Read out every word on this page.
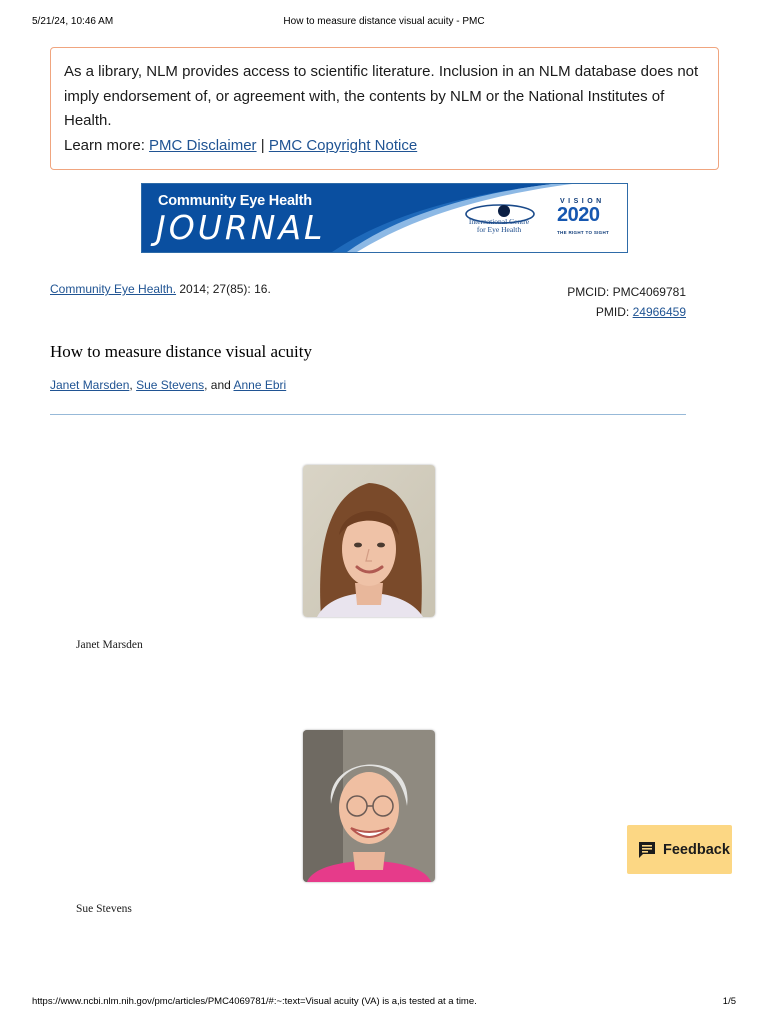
5/21/24, 10:46 AM	How to measure distance visual acuity - PMC
As a library, NLM provides access to scientific literature. Inclusion in an NLM database does not imply endorsement of, or agreement with, the contents by NLM or the National Institutes of Health.
Learn more: PMC Disclaimer | PMC Copyright Notice
Community Eye Health
JOURNAL	International Centre
for Eye Health
VISION
2020
THE RIGHT TO SIGHT
Community Eye Health. 2014; 27(85): 16.	PMCID: PMC4069781
PMID: 24966459
How to measure distance visual acuity
Janet Marsden, Sue Stevens, and Anne Ebri
Janet Marsden
Sue Stevens
Feedback
https://www.ncbi.nlm.nih.gov/pmc/articles/PMC4069781/#:~:text=Visual acuity (VA) is a,is tested at a time.	1/5
